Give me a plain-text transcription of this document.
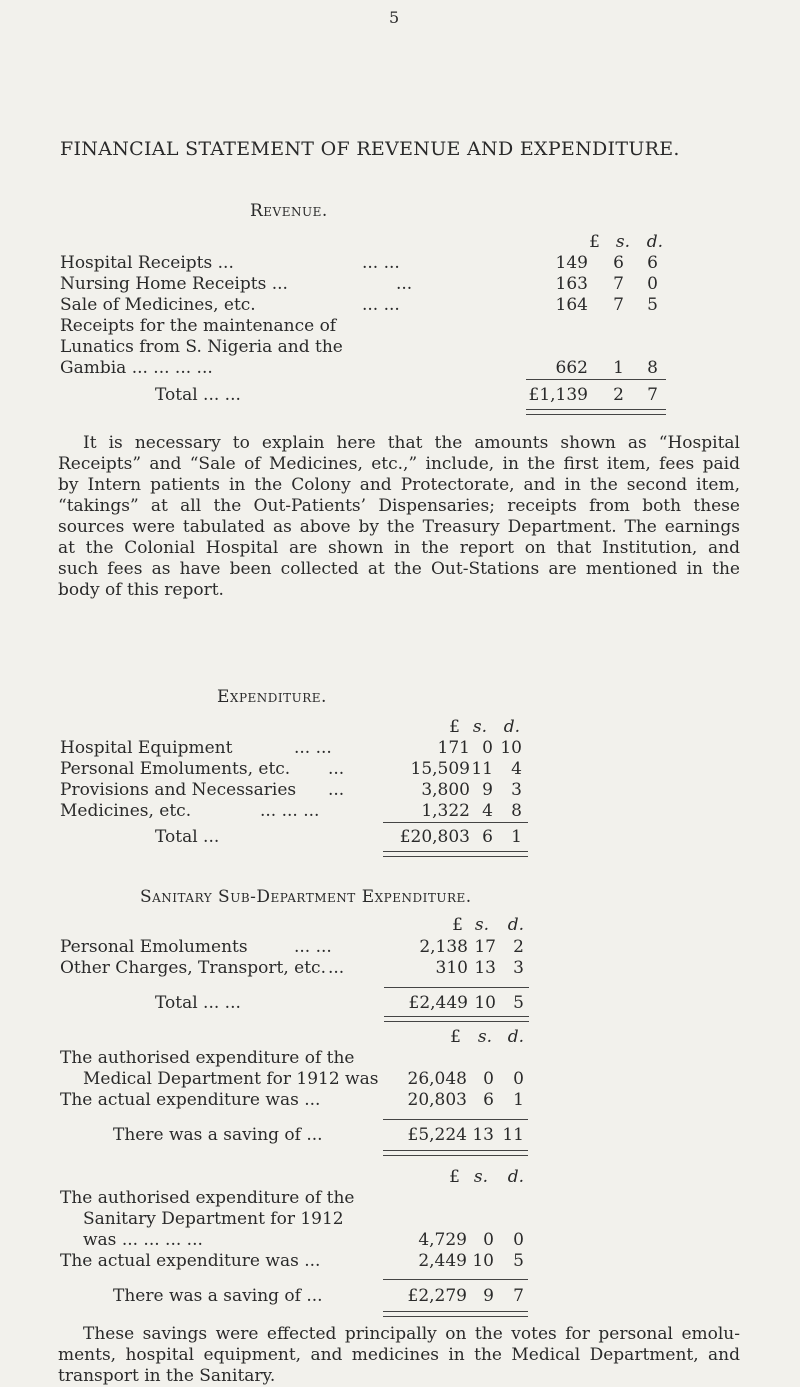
5
FINANCIAL STATEMENT OF REVENUE AND EXPENDITURE.
Revenue.
£ s. d.
Hospital Receipts ...	... ...	149	6	6
Nursing Home Receipts ...	...	163	7	0
Sale of Medicines, etc.	... ...	164	7	5
Receipts for the maintenance of
Lunatics from S. Nigeria and the
Gambia ... ... ... ...	662	1	8
Total ... ...	£1,139	2	7
It is necessary to explain here that the amounts shown as “Hospital
Receipts” and “Sale of Medicines, etc.,” include, in the first item, fees paid
by Intern patients in the Colony and Protectorate, and in the second item,
“takings” at all the Out-Patients’ Dispensaries; receipts from both these
sources were tabulated as above by the Treasury Department. The earnings
at the Colonial Hospital are shown in the report on that Institution, and
such fees as have been collected at the Out-Stations are mentioned in the
body of this report.
Expenditure.
£ s. d.
Hospital Equipment	... ...	171 0 10
Personal Emoluments, etc. ...	15,509 11	4
Provisions and Necessaries ...	3,800 9	3
Medicines, etc.	... ... ...	1,322 4	8
Total ...	£20,803 6	1
Sanitary Sub-Department Expenditure.
£ s. d.
Personal Emoluments	... ...	2,138 17	2
Other Charges, Transport, etc. ...	310 13	3
Total ... ...	£2,449 10	5
£ s. d.
The authorised expenditure of the
Medical Department for 1912 was	26,048 0	0
The actual expenditure was ...	20,803 6	1
There was a saving of ...	£5,224 13 11
£ s. d.
The authorised expenditure of the
Sanitary Department for 1912
was ... ... ... ...	4,729 0	0
The actual expenditure was ...	2,449 10	5
There was a saving of ...	£2,279 9	7
These savings were effected principally on the votes for personal emolu-
ments, hospital equipment, and medicines in the Medical Department, and
transport in the Sanitary.
